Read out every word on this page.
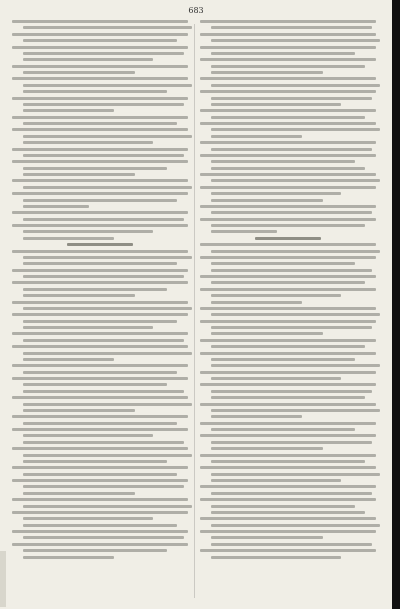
683
